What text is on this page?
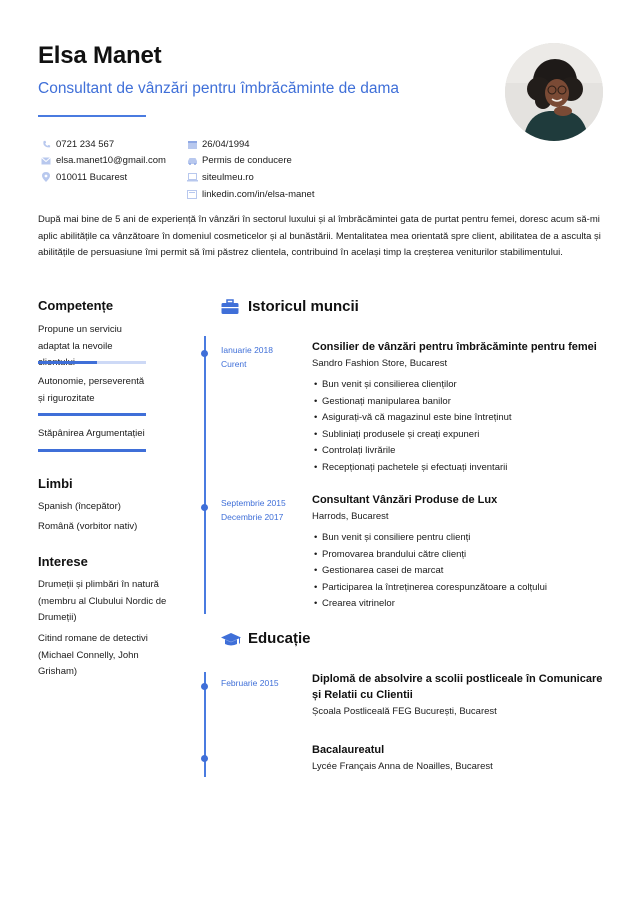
Elsa Manet
Consultant de vânzări pentru îmbrăcăminte de dama
0721 234 567
elsa.manet10@gmail.com
010011 Bucarest
26/04/1994
Permis de conducere
siteulmeu.ro
linkedin.com/in/elsa-manet

După mai bine de 5 ani de experiență în vânzări în sectorul luxului și al îmbrăcămintei gata de purtat pentru femei, doresc acum să-mi aplic abilitățile ca vânzătoare în domeniul cosmeticelor și al bunăstării. Mentalitatea mea orientată spre client, abilitatea de a asculta și abilitățile de persuasiune îmi permit să îmi păstrez clientela, contribuind în același timp la creșterea veniturilor stabilimentului.

Competențe
Propune un serviciu adaptat la nevoile
Autonomie, perseverentă și rigurozitate
Stăpânirea Argumentației
Limbi
Spanish (începător)
Română (vorbitor nativ)
Interese
Drumeții și plimbări în natură (membru al Clubului Nordic de Drumeții)
Citind romane de detectivi (Michael Connelly, John Grisham)
Istoricul muncii
Ianuarie 2018
Curent
Consilier de vânzări pentru îmbrăcăminte pentru femei
Sandro Fashion Store, Bucarest
• Bun venit și consilierea clienților
• Gestionați manipularea banilor
• Asigurați-vă că magazinul este bine întreținut
• Subliniați produsele și creați expuneri
• Controlați livrările
• Recepționați pachetele și efectuați inventarii
Septembrie 2015
Decembrie 2017
Consultant Vânzări Produse de Lux
Harrods, Bucarest
• Bun venit și consiliere pentru clienți
• Promovarea brandului către clienți
• Gestionarea casei de marcat
• Participarea la întreținerea corespunzătoare a colțului
• Crearea vitrinelor
Educație
Februarie 2015	Diplomă de absolvire a scolii postliceale în Comunicare și Relatii cu Clientii
Școala Postliceală FEG București, Bucarest
Bacalaureatul
Lycée Français Anna de Noailles, Bucarest
